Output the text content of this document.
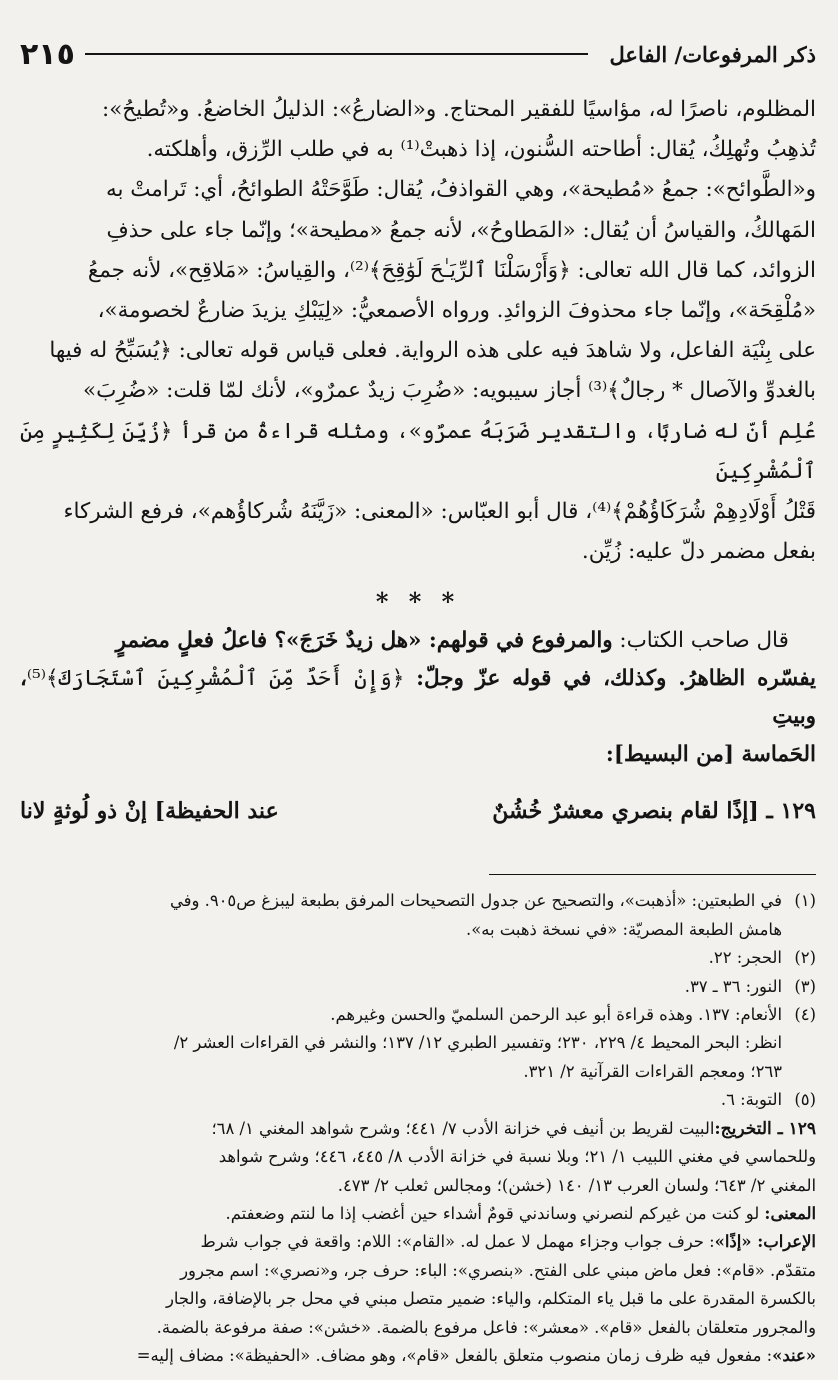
ذكر المرفوعات/ الفاعل
٢١٥

المظلوم، ناصرًا له، مؤاسيًا للفقير المحتاج. و«الضارعُ»: الذليلُ الخاضعُ. و«تُطيحُ»:

تُذهِبُ وتُهلِكُ، يُقال: أطاحته السُّنون، إذا ذهبتْ⁽¹⁾ به في طلب الرِّزق، وأهلكته.

و«الطَّوائح»: جمعُ «مُطيحة»، وهي القواذفُ، يُقال: طَوَّحَتْهُ الطوائحُ، أي: تَرامتْ به

المَهالكُ، والقياسُ أن يُقال: «المَطاوحُ»، لأنه جمعُ «مطيحة»؛ وإنّما جاء على حذفِ

الزوائد، كما قال الله تعالى: ﴿وَأَرْسَلْنَا ٱلرِّيَـٰحَ لَوَٰقِحَ﴾⁽²⁾، والقِياسُ: «مَلاقِح»، لأنه جمعُ

«مُلْقِحَة»، وإنّما جاء محذوفَ الزوائدِ. ورواه الأصمعيُّ: «لِيَبْكِ يزيدَ ضارعٌ لخصومة»،

على بِنْيَة الفاعل، ولا شاهدَ فيه على هذه الرواية. فعلى قياس قوله تعالى: ﴿يُسَبِّحُ له فيها

بالغدوِّ والآصال * رجالٌ﴾⁽³⁾ أجاز سيبويه: «ضُرِبَ زيدٌ عمرٌو»، لأنك لمّا قلت: «ضُرِبَ»

عُلِم أنّ له ضاربًا، والتقدير ضَرَبَهُ عمرٌو»، ومثله قراءةُ من قرأ ﴿زُيِّنَ لِكَثِيرٍ مِنَ ٱلْمُشْرِكِينَ

قَتْلُ أَوْلَادِهِمْ شُرَكَاؤُهُمْ﴾⁽⁴⁾، قال أبو العبّاس: «المعنى: «زَيَّنَهُ شُركاؤُهم»، فرفع الشركاء

بفعل مضمر دلّ عليه: زُيِّن.

* * *

قال صاحب الكتاب: والمرفوع في قولهم: «هل زيدٌ خَرَجَ»؟ فاعلُ فعلٍ مضمرٍ

يفسّره الظاهرُ. وكذلك، في قوله عزّ وجلّ: ﴿وَإِنْ أَحَدٌ مِّنَ ٱلْمُشْرِكِينَ ٱسْتَجَارَكَ﴾⁽⁵⁾، وبيتِ

الحَماسة [من البسيط]:

١٢٩ ـ [إذًا لقام بنصري معشرٌ خُشُنٌ
عند الحفيظة] إنْ ذو لُوثةٍ لانا
(١)

في الطبعتين: «أذهبت»، والتصحيح عن جدول التصحيحات المرفق بطبعة ليبزغ ص٩٠٥. وفي

هامش الطبعة المصريّة: «في نسخة ذهبت به».

(٢)

الحجر: ٢٢.

(٣)

النور: ٣٦ ـ ٣٧.

(٤)

الأنعام: ١٣٧. وهذه قراءة أبو عبد الرحمن السلميّ والحسن وغيرهم.

انظر: البحر المحيط ٤/ ٢٢٩، ٢٣٠؛ وتفسير الطبري ١٢/ ١٣٧؛ والنشر في القراءات العشر ٢/

٢٦٣؛ ومعجم القراءات القرآنية ٢/ ٣٢١.

(٥)

التوبة: ٦.

١٢٩ ـ التخريج:البيت لقريط بن أنيف في خزانة الأدب ٧/ ٤٤١؛ وشرح شواهد المغني ١/ ٦٨؛

وللحماسي في مغني اللبيب ١/ ٢١؛ وبلا نسبة في خزانة الأدب ٨/ ٤٤٥، ٤٤٦؛ وشرح شواهد

المغني ٢/ ٦٤٣؛ ولسان العرب ١٣/ ١٤٠ (خشن)؛ ومجالس ثعلب ٢/ ٤٧٣.

المعنى: لو كنت من غيركم لنصرني وساندني قومٌ أشداء حين أغضب إذا ما لنتم وضعفتم.

الإعراب: «إذًا»: حرف جواب وجزاء مهمل لا عمل له. «القام»: اللام: واقعة في جواب شرط

متقدّم. «قام»: فعل ماض مبني على الفتح. «بنصري»: الباء: حرف جر، و«نصري»: اسم مجرور

بالكسرة المقدرة على ما قبل ياء المتكلم، والياء: ضمير متصل مبني في محل جر بالإضافة، والجار

والمجرور متعلقان بالفعل «قام». «معشر»: فاعل مرفوع بالضمة. «خشن»: صفة مرفوعة بالضمة.

«عند»: مفعول فيه ظرف زمان منصوب متعلق بالفعل «قام»، وهو مضاف. «الحفيظة»: مضاف إليه=
